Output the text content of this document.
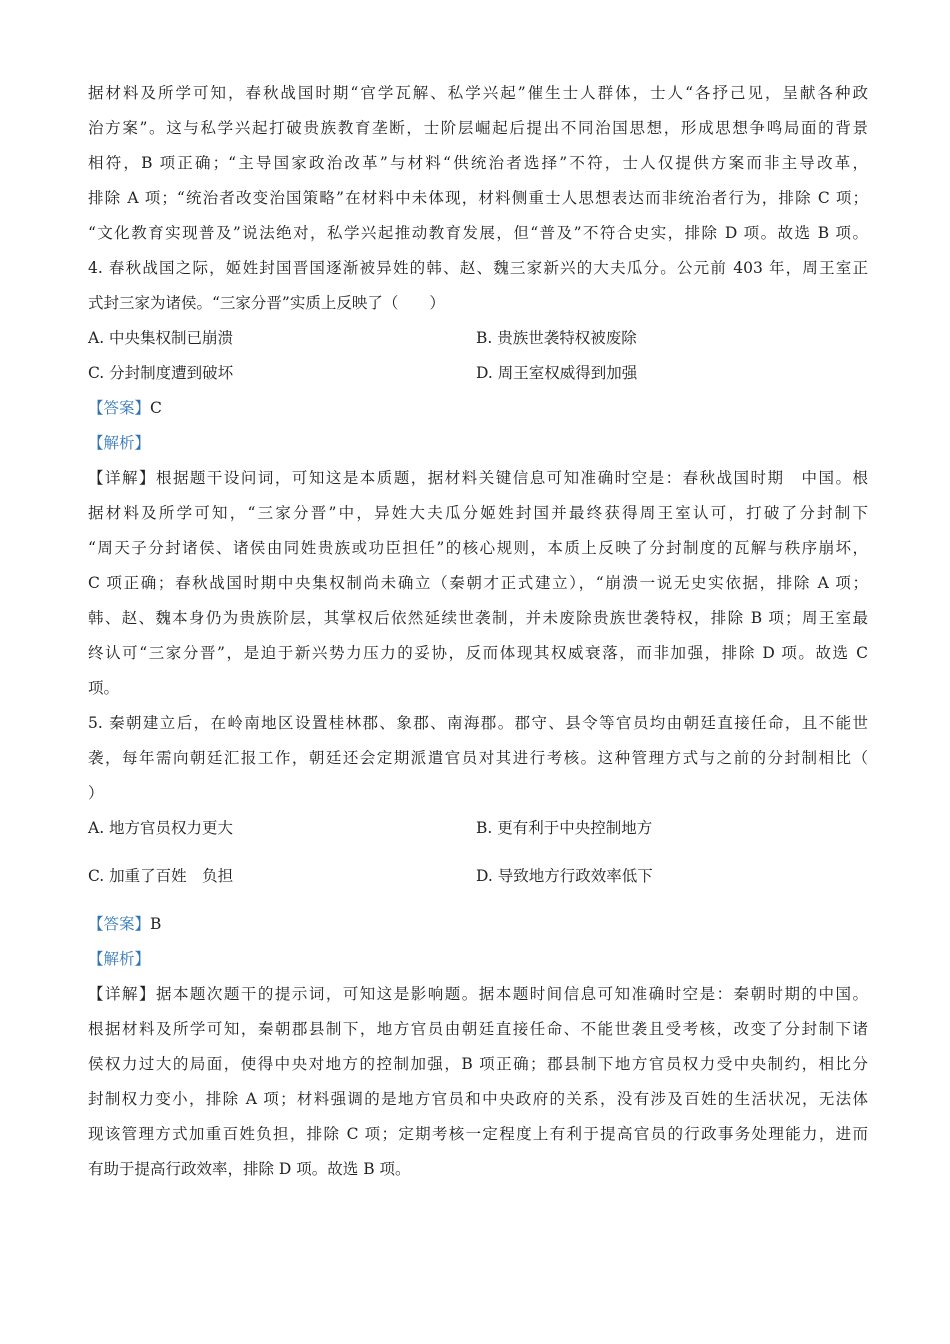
据材料及所学可知，春秋战国时期“官学瓦解、私学兴起”催生士人群体，士人“各抒己见，呈献各种政
治方案”。这与私学兴起打破贵族教育垄断，士阶层崛起后提出不同治国思想，形成思想争鸣局面的背景
相符，B 项正确；“主导国家政治改革”与材料“供统治者选择”不符，士人仅提供方案而非主导改革，
排除 A 项；“统治者改变治国策略”在材料中未体现，材料侧重士人思想表达而非统治者行为，排除 C 项；
“文化教育实现普及”说法绝对，私学兴起推动教育发展，但“普及”不符合史实，排除 D 项。故选 B 项。
4. 春秋战国之际，姬姓封国晋国逐渐被异姓的韩、赵、魏三家新兴的大夫瓜分。公元前 403 年，周王室正
式封三家为诸侯。“三家分晋”实质上反映了（　　）
A. 中央集权制已崩溃	B. 贵族世袭特权被废除
C. 分封制度遭到破坏	D. 周王室权威得到加强
【答案】C
【解析】
【详解】根据题干设问词，可知这是本质题，据材料关键信息可知准确时空是：春秋战国时期　中国。根
据材料及所学可知，“三家分晋”中，异姓大夫瓜分姬姓封国并最终获得周王室认可，打破了分封制下
“周天子分封诸侯、诸侯由同姓贵族或功臣担任”的核心规则，本质上反映了分封制度的瓦解与秩序崩坏，
C 项正确；春秋战国时期中央集权制尚未确立（秦朝才正式建立），“崩溃一说无史实依据，排除 A 项；
韩、赵、魏本身仍为贵族阶层，其掌权后依然延续世袭制，并未废除贵族世袭特权，排除 B 项；周王室最
终认可“三家分晋”，是迫于新兴势力压力的妥协，反而体现其权威衰落，而非加强，排除 D 项。故选 C
项。
5. 秦朝建立后，在岭南地区设置桂林郡、象郡、南海郡。郡守、县令等官员均由朝廷直接任命，且不能世
袭，每年需向朝廷汇报工作，朝廷还会定期派遣官员对其进行考核。这种管理方式与之前的分封制相比（
）
A. 地方官员权力更大	B. 更有利于中央控制地方
C. 加重了百姓　负担	D. 导致地方行政效率低下
【答案】B
【解析】
【详解】据本题次题干的提示词，可知这是影响题。据本题时间信息可知准确时空是：秦朝时期的中国。
根据材料及所学可知，秦朝郡县制下，地方官员由朝廷直接任命、不能世袭且受考核，改变了分封制下诸
侯权力过大的局面，使得中央对地方的控制加强，B 项正确；郡县制下地方官员权力受中央制约，相比分
封制权力变小，排除 A 项；材料强调的是地方官员和中央政府的关系，没有涉及百姓的生活状况，无法体
现该管理方式加重百姓负担，排除 C 项；定期考核一定程度上有利于提高官员的行政事务处理能力，进而
有助于提高行政效率，排除 D 项。故选 B 项。
